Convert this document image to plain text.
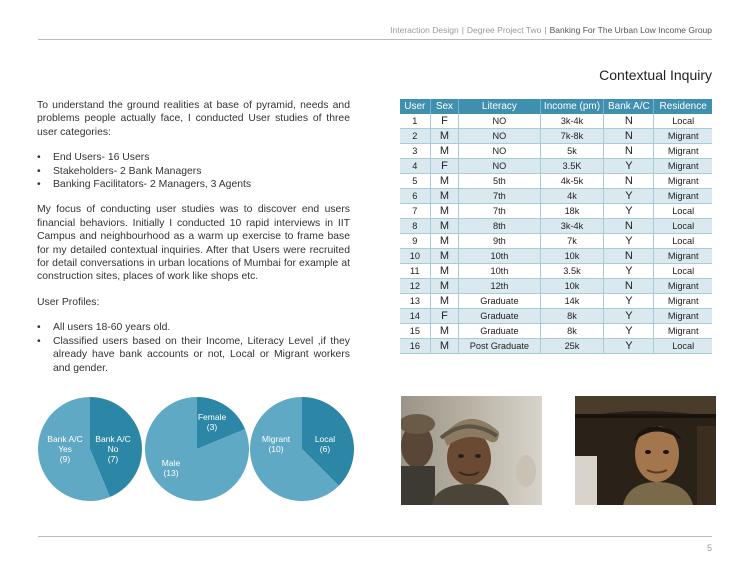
Interaction Design | Degree Project Two | Banking For The Urban Low Income Group
Contextual Inquiry

To understand the ground realities at base of pyramid, needs and problems people actually face, I conducted User studies of three user categories:

• End Users- 16 Users
• Stakeholders- 2 Bank Managers
• Banking Facilitators- 2 Managers, 3 Agents

My focus of conducting user studies was to discover end users financial behaviors. Initially I conducted 10 rapid interviews in IIT Campus and neighbourhood as a warm up exercise to frame base for my detailed contextual inquiries. After that Users were recruited for detail conversations in urban locations of Mumbai for example at construction sites, places of work like shops etc.

User Profiles:

• All users 18-60 years old.
• Classified users based on their Income, Literacy Level ,if they already have bank accounts or not, Local or Migrant workers and gender.
User	Sex	Literacy	Income (pm)	Bank A/C	Residence
1	F	NO	3k-4k	N	Local
2	M	NO	7k-8k	N	Migrant
3	M	NO	5k	N	Migrant
4	F	NO	3.5K	Y	Migrant
5	M	5th	4k-5k	N	Migrant
6	M	7th	4k	Y	Migrant
7	M	7th	18k	Y	Local
8	M	8th	3k-4k	N	Local
9	M	9th	7k	Y	Local
10	M	10th	10k	N	Migrant
11	M	10th	3.5k	Y	Local
12	M	12th	10k	N	Migrant
13	M	Graduate	14k	Y	Migrant
14	F	Graduate	8k	Y	Migrant
15	M	Graduate	8k	Y	Migrant
16	M	Post Graduate	25k	Y	Local
Bank A/C
Yes
(9)
Bank A/C
No
(7)	Male
(13)
Female
(3)
Migrant
(10)
Local
(6)
5
